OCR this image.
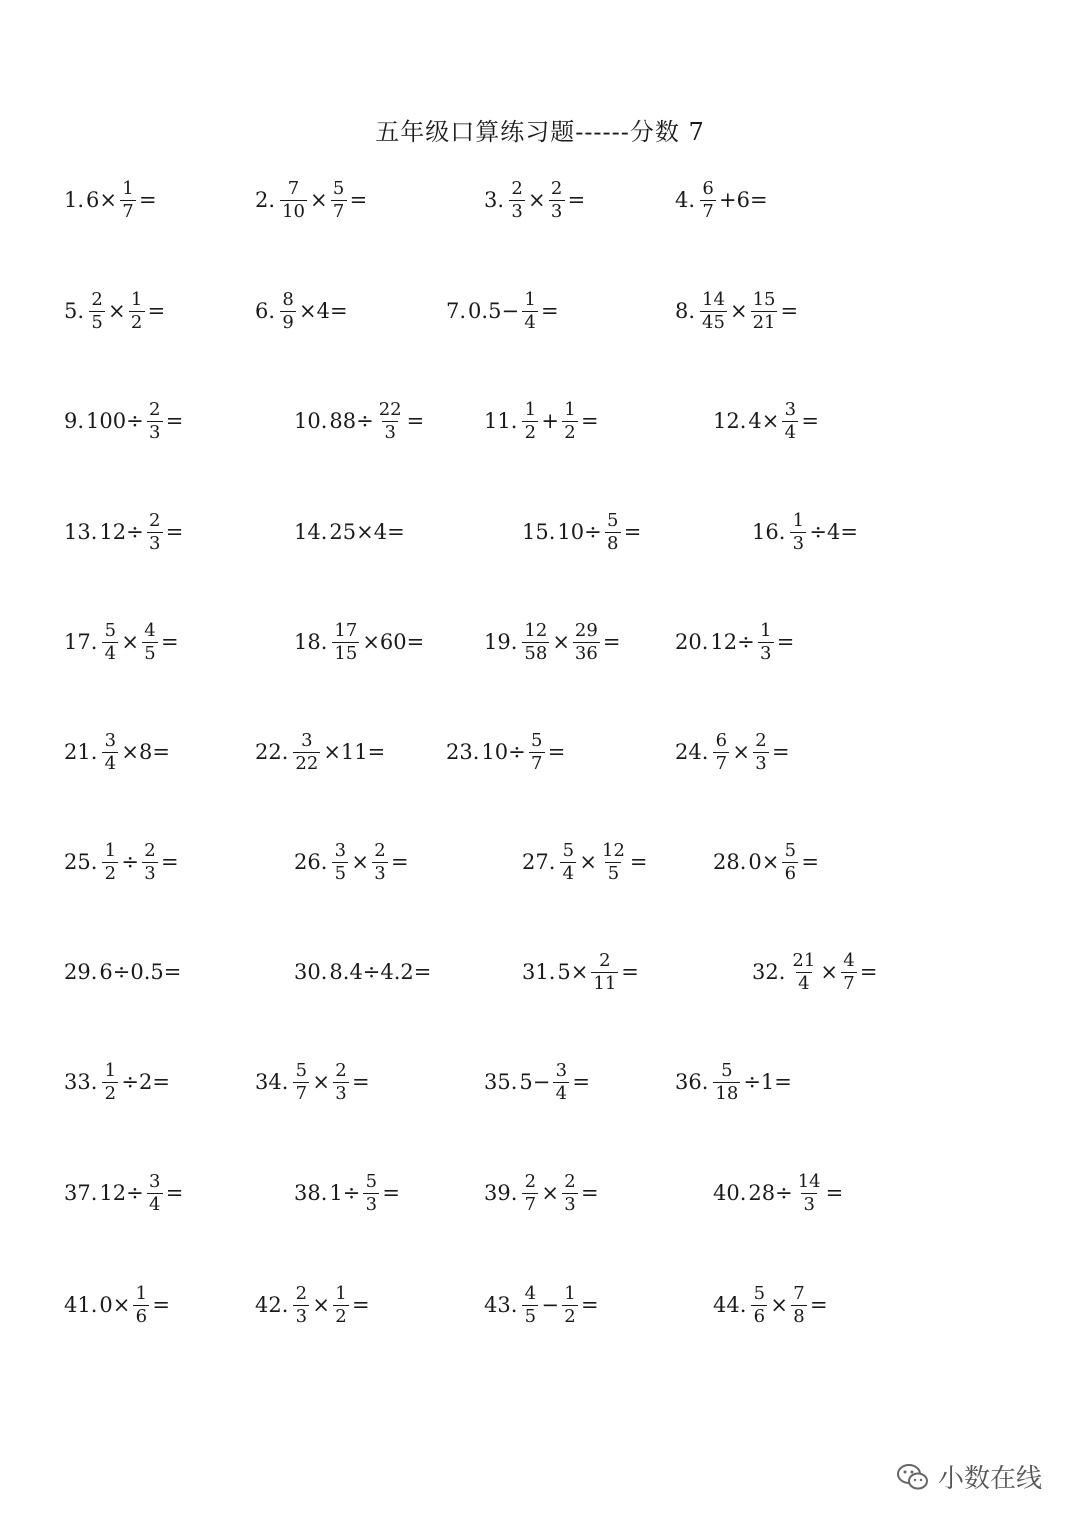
五年级口算练习题------分数 7
1. $6\times \frac{1}{7}$ =	2. $\frac{7}{10} \times \frac{5}{7}$ =	3. $\frac{2}{3} \times \frac{2}{3}$ =	4. $\frac{6}{7} +6=$
5. $\frac{2}{5} \times \frac{1}{2}$ =	6. $\frac{8}{9} \times 4=$	7. $0.5- \frac{1}{4}$ =	8. $\frac{14}{45} \times \frac{15}{21}$ =
9. $100\div \frac{2}{3}$ =	10. $88\div \frac{22}{3}$ =	11. $\frac{1}{2} + \frac{1}{2}$ =	12. $4\times \frac{3}{4}$ =
13. $12\div \frac{2}{3}$ =	14. 25×4=	15. $10\div \frac{5}{8}$ =	16. $\frac{1}{3} \div 4=$
17. $\frac{5}{4} \times \frac{4}{5}$ =	18. $\frac{17}{15} \times 60=$	19. $\frac{12}{58} \times \frac{29}{36}$ =	20. $12\div \frac{1}{3}$ =
21. $\frac{3}{4} \times 8=$	22. $\frac{3}{22} \times 11=$	23. $10\div \frac{5}{7}$ =	24. $\frac{6}{7} \times \frac{2}{3}$ =
25. $\frac{1}{2} \div \frac{2}{3}$ =	26. $\frac{3}{5} \times \frac{2}{3}$ =	27. $\frac{5}{4} \times \frac{12}{5}$ =	28. $0\times \frac{5}{6}$ =
29. 6÷0.5=	30. 8.4÷4.2=	31. $5\times \frac{2}{11}$ =	32. $\frac{21}{4} \times \frac{4}{7}$ =
33. $\frac{1}{2} \div 2=$	34. $\frac{5}{7} \times \frac{2}{3}$ =	35. $5- \frac{3}{4}$ =	36. $\frac{5}{18} \div 1=$
37. $12\div \frac{3}{4}$ =	38. $1\div \frac{5}{3}$ =	39. $\frac{2}{7} \times \frac{2}{3}$ =	40. $28\div \frac{14}{3}$ =
41. $0\times \frac{1}{6}$ =	42. $\frac{2}{3} \times \frac{1}{2}$ =	43. $\frac{4}{5} - \frac{1}{2}$ =	44. $\frac{5}{6} \times \frac{7}{8}$ =
小数在线
